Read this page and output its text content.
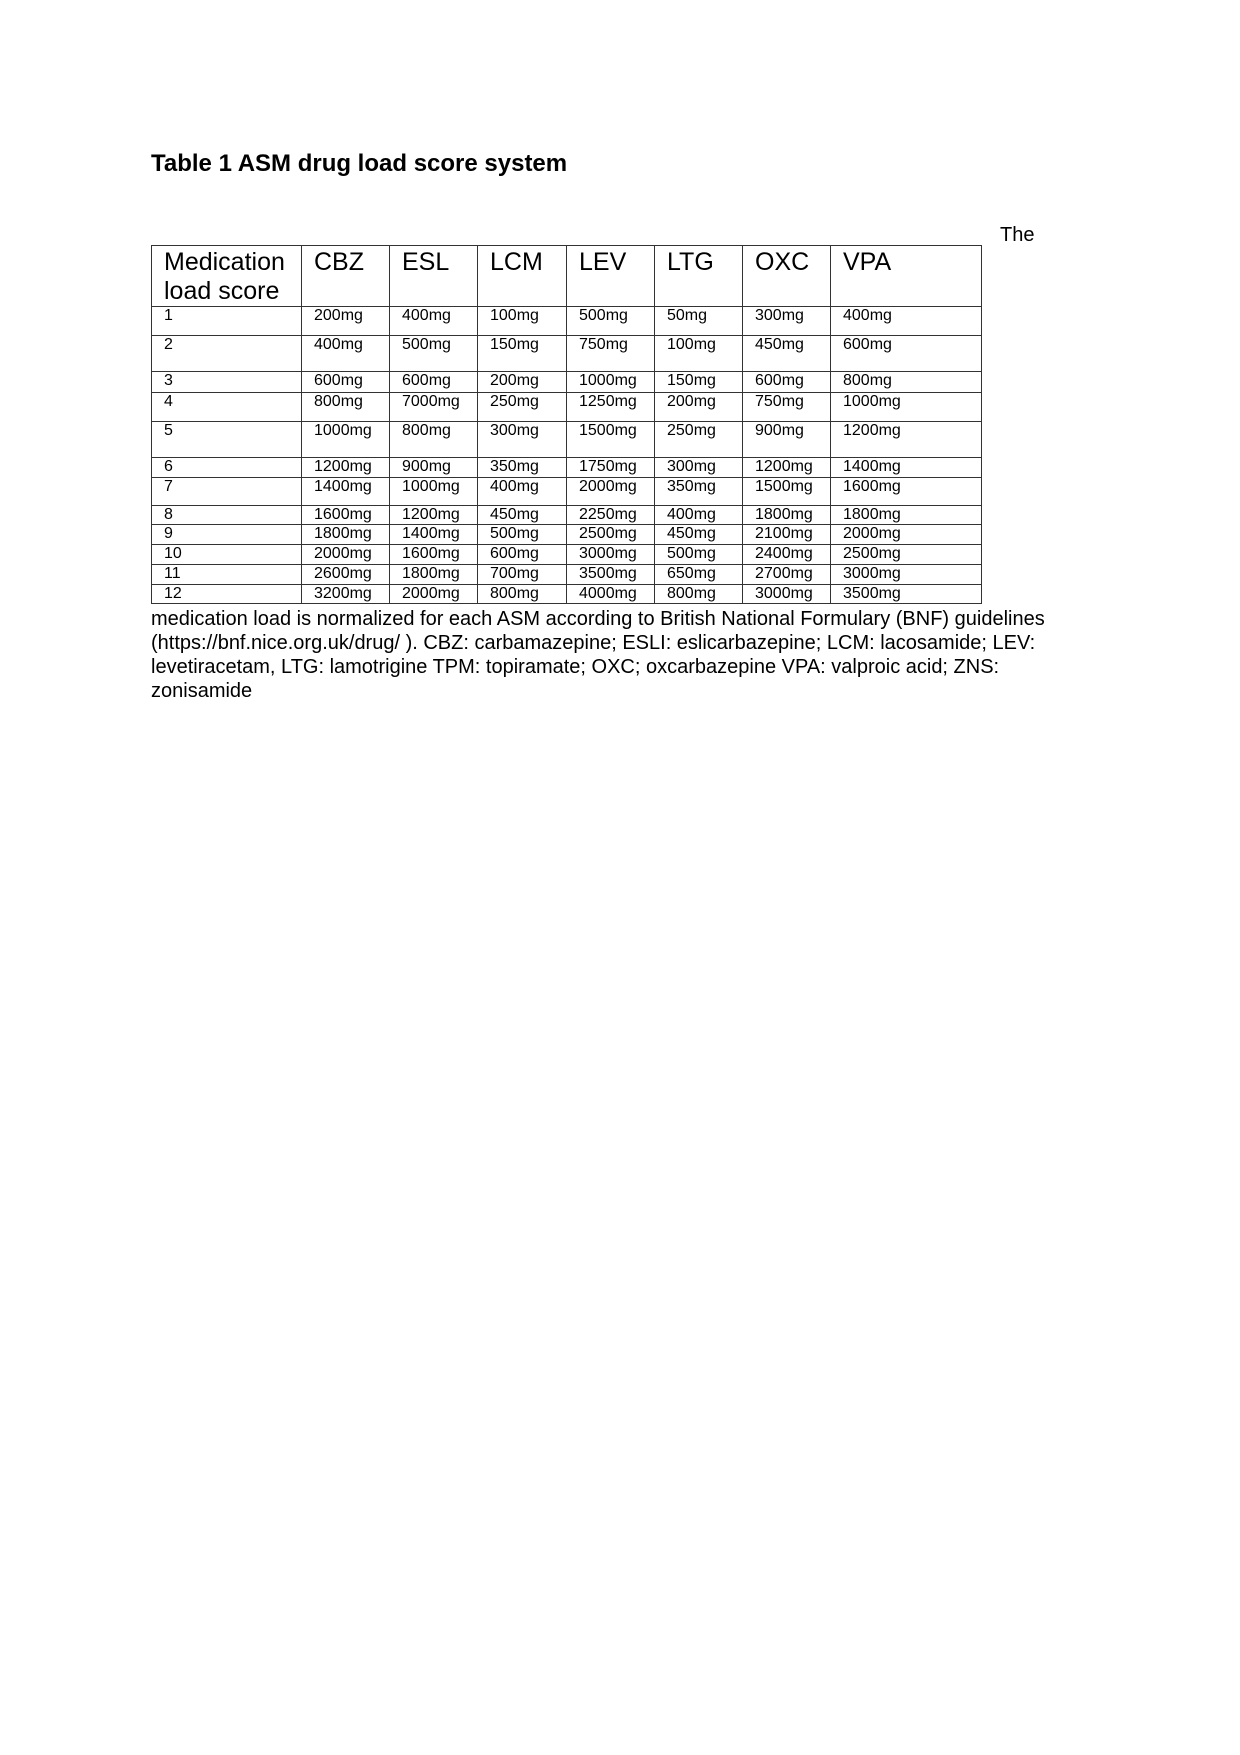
Table 1 ASM drug load score system
The
Medication load score	CBZ	ESL	LCM	LEV	LTG	OXC	VPA
1	200mg	400mg	100mg	500mg	50mg	300mg	400mg
2	400mg	500mg	150mg	750mg	100mg	450mg	600mg
3	600mg	600mg	200mg	1000mg	150mg	600mg	800mg
4	800mg	7000mg	250mg	1250mg	200mg	750mg	1000mg
5	1000mg	800mg	300mg	1500mg	250mg	900mg	1200mg
6	1200mg	900mg	350mg	1750mg	300mg	1200mg	1400mg
7	1400mg	1000mg	400mg	2000mg	350mg	1500mg	1600mg
8	1600mg	1200mg	450mg	2250mg	400mg	1800mg	1800mg
9	1800mg	1400mg	500mg	2500mg	450mg	2100mg	2000mg
10	2000mg	1600mg	600mg	3000mg	500mg	2400mg	2500mg
11	2600mg	1800mg	700mg	3500mg	650mg	2700mg	3000mg
12	3200mg	2000mg	800mg	4000mg	800mg	3000mg	3500mg

medication load is normalized for each ASM according to British National Formulary (BNF) guidelines (https://bnf.nice.org.uk/drug/ ). CBZ: carbamazepine; ESLI: eslicarbazepine; LCM: lacosamide; LEV: levetiracetam, LTG: lamotrigine TPM: topiramate; OXC; oxcarbazepine VPA: valproic acid; ZNS: zonisamide
